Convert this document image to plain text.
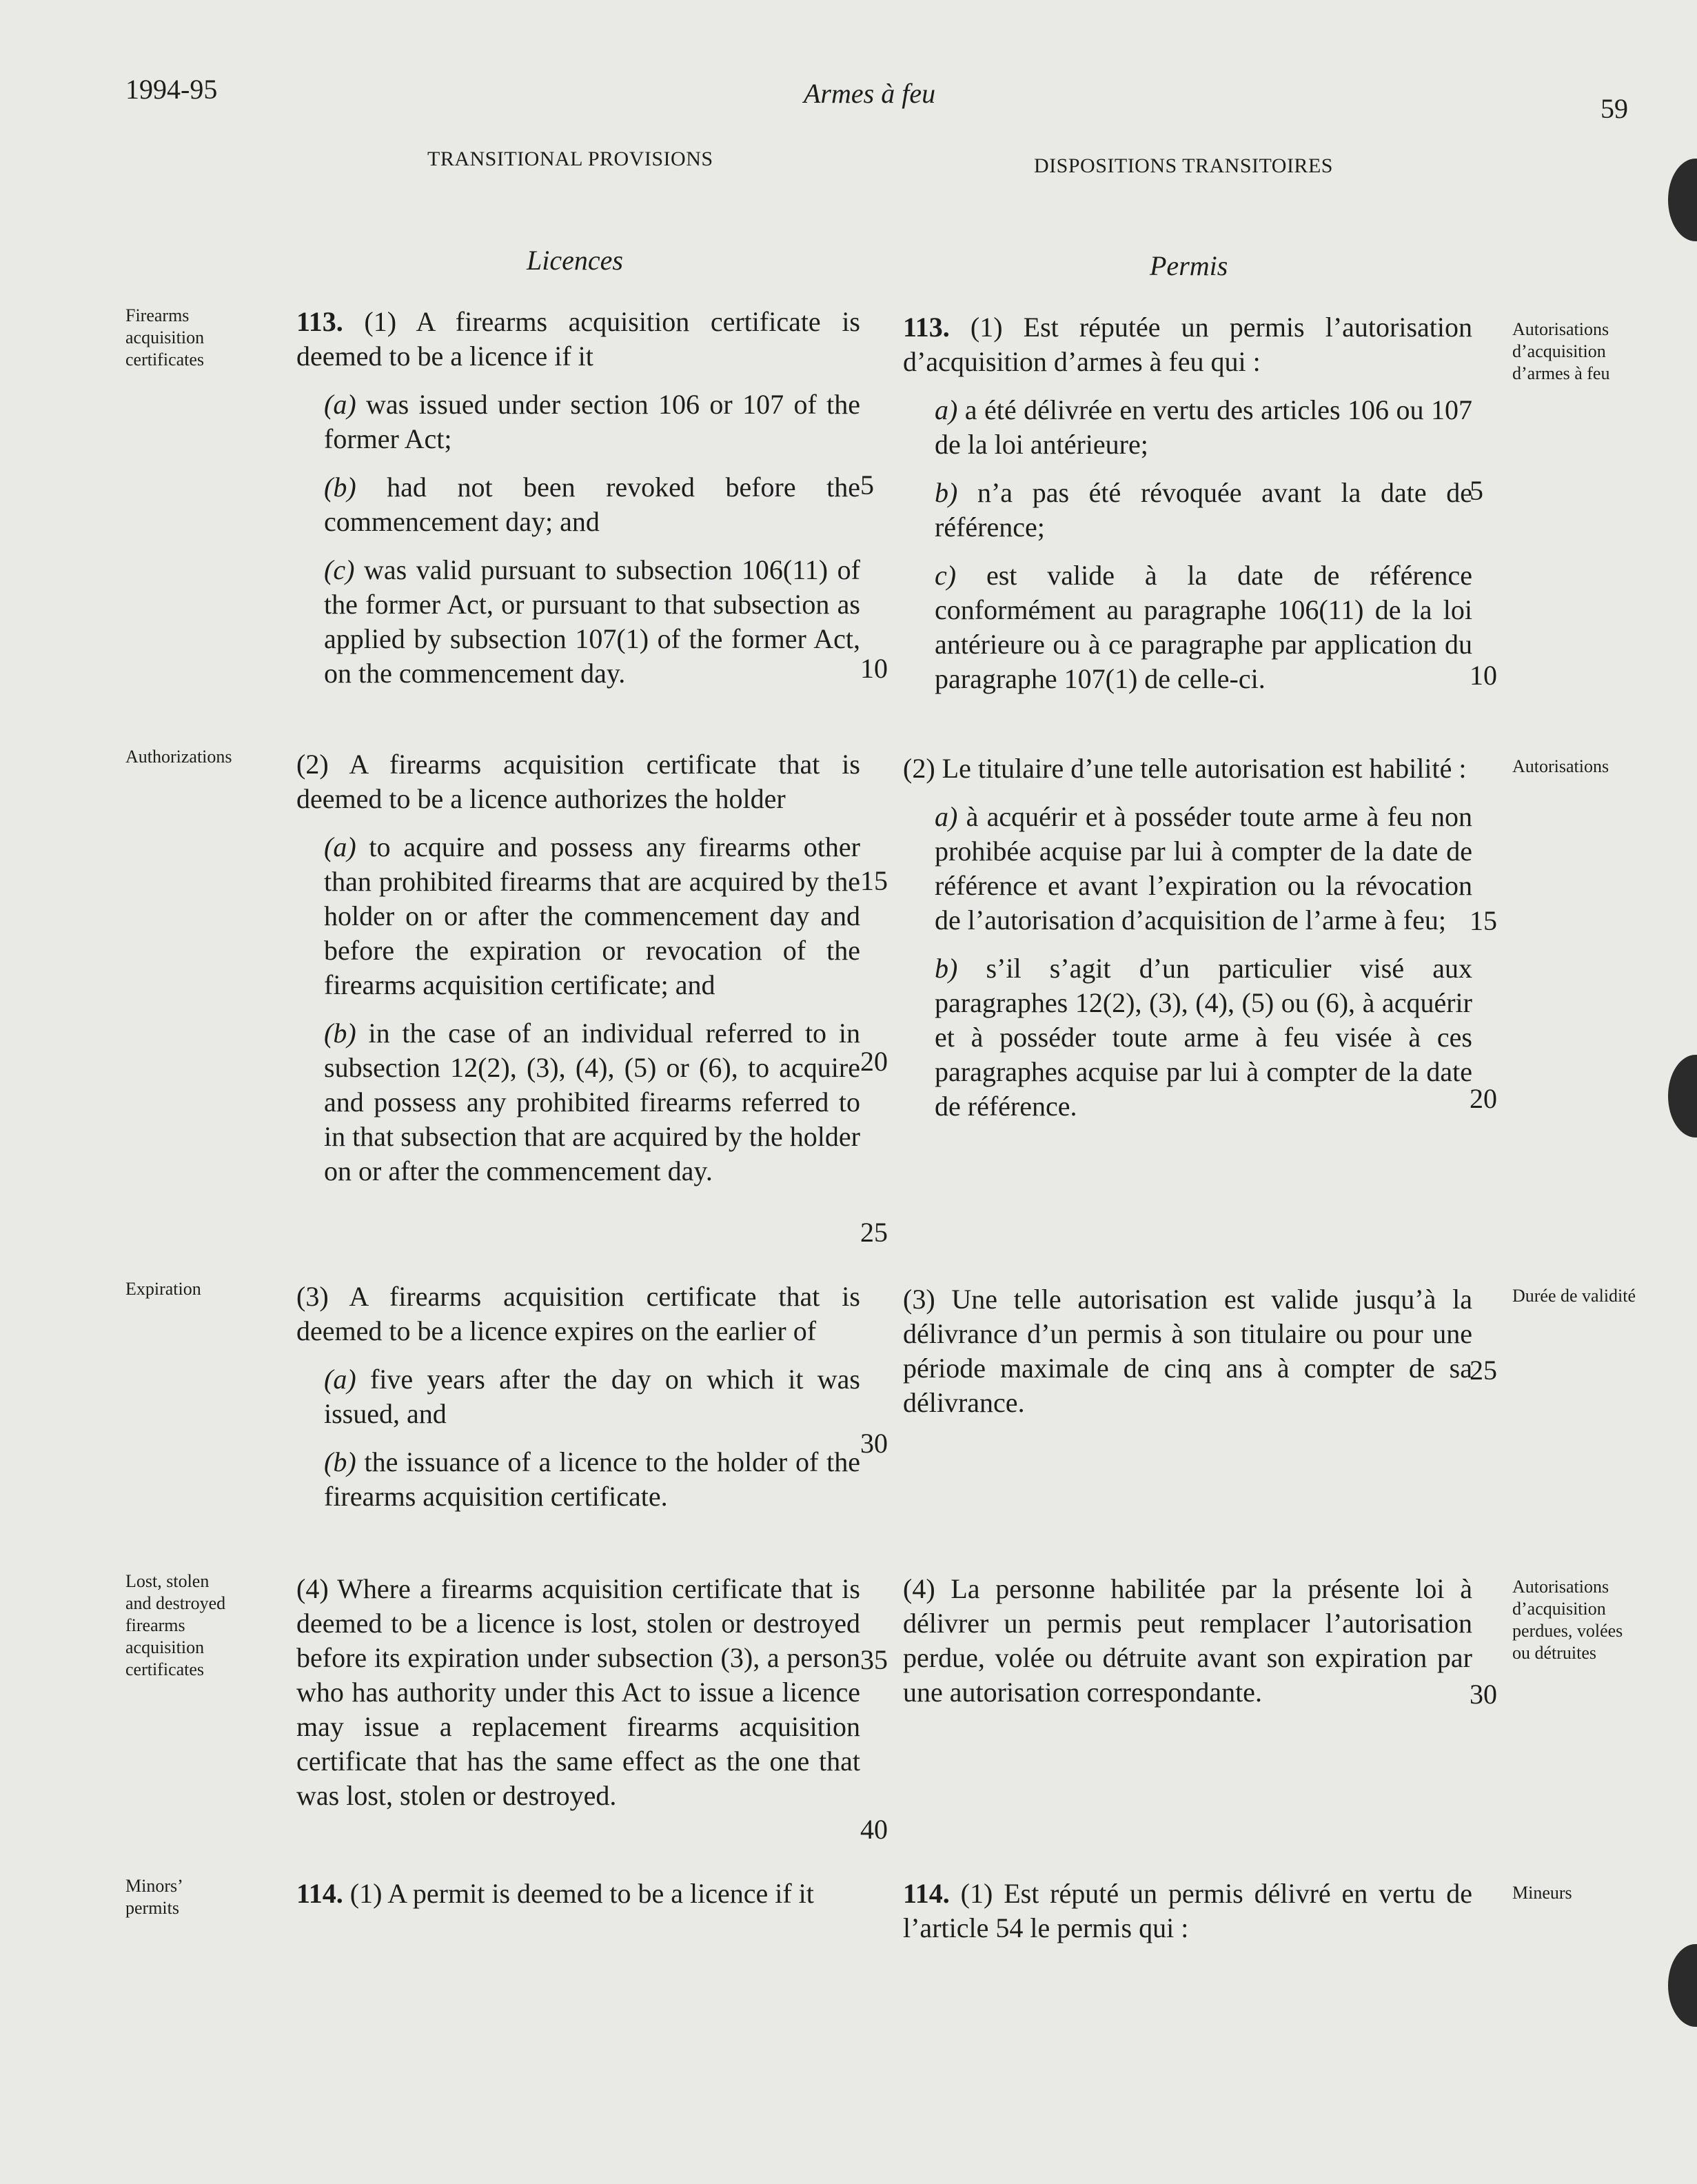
1994-95	Armes à feu	59
TRANSITIONAL PROVISIONS	DISPOSITIONS TRANSITOIRES
Licences	Permis
Firearms acquisition certificates
Authorizations
Expiration
Lost, stolen and destroyed firearms acquisition certificates
Minors’ permits
Autorisations d’acquisition d’armes à feu
Autorisations
Durée de validité
Autorisations d’acquisition perdues, volées ou détruites
Mineurs

113. (1) A firearms acquisition certificate is deemed to be a licence if it

(a) was issued under section 106 or 107 of the former Act;

(b) had not been revoked before the commencement day; and

(c) was valid pursuant to subsection 106(11) of the former Act, or pursuant to that subsection as applied by subsection 107(1) of the former Act, on the commencement day.

(2) A firearms acquisition certificate that is deemed to be a licence authorizes the holder

(a) to acquire and possess any firearms other than prohibited firearms that are acquired by the holder on or after the commencement day and before the expiration or revocation of the firearms acquisition certificate; and

(b) in the case of an individual referred to in subsection 12(2), (3), (4), (5) or (6), to acquire and possess any prohibited firearms referred to in that subsection that are acquired by the holder on or after the commencement day.

(3) A firearms acquisition certificate that is deemed to be a licence expires on the earlier of

(a) five years after the day on which it was issued, and

(b) the issuance of a licence to the holder of the firearms acquisition certificate.

(4) Where a firearms acquisition certificate that is deemed to be a licence is lost, stolen or destroyed before its expiration under subsection (3), a person who has authority under this Act to issue a licence may issue a replacement firearms acquisition certificate that has the same effect as the one that was lost, stolen or destroyed.

114. (1) A permit is deemed to be a licence if it

113. (1) Est réputée un permis l’autorisation d’acquisition d’armes à feu qui :

a) a été délivrée en vertu des articles 106 ou 107 de la loi antérieure;

b) n’a pas été révoquée avant la date de référence;

c) est valide à la date de référence conformément au paragraphe 106(11) de la loi antérieure ou à ce paragraphe par application du paragraphe 107(1) de celle-ci.

(2) Le titulaire d’une telle autorisation est habilité :

a) à acquérir et à posséder toute arme à feu non prohibée acquise par lui à compter de la date de référence et avant l’expiration ou la révocation de l’autorisation d’acquisition de l’arme à feu;

b) s’il s’agit d’un particulier visé aux paragraphes 12(2), (3), (4), (5) ou (6), à acquérir et à posséder toute arme à feu visée à ces paragraphes acquise par lui à compter de la date de référence.

(3) Une telle autorisation est valide jusqu’à la délivrance d’un permis à son titulaire ou pour une période maximale de cinq ans à compter de sa délivrance.

(4) La personne habilitée par la présente loi à délivrer un permis peut remplacer l’autorisation perdue, volée ou détruite avant son expiration par une autorisation correspondante.

114. (1) Est réputé un permis délivré en vertu de l’article 54 le permis qui :

5
10
15
20
25
30
35
40
5
10
15
20
25
30
